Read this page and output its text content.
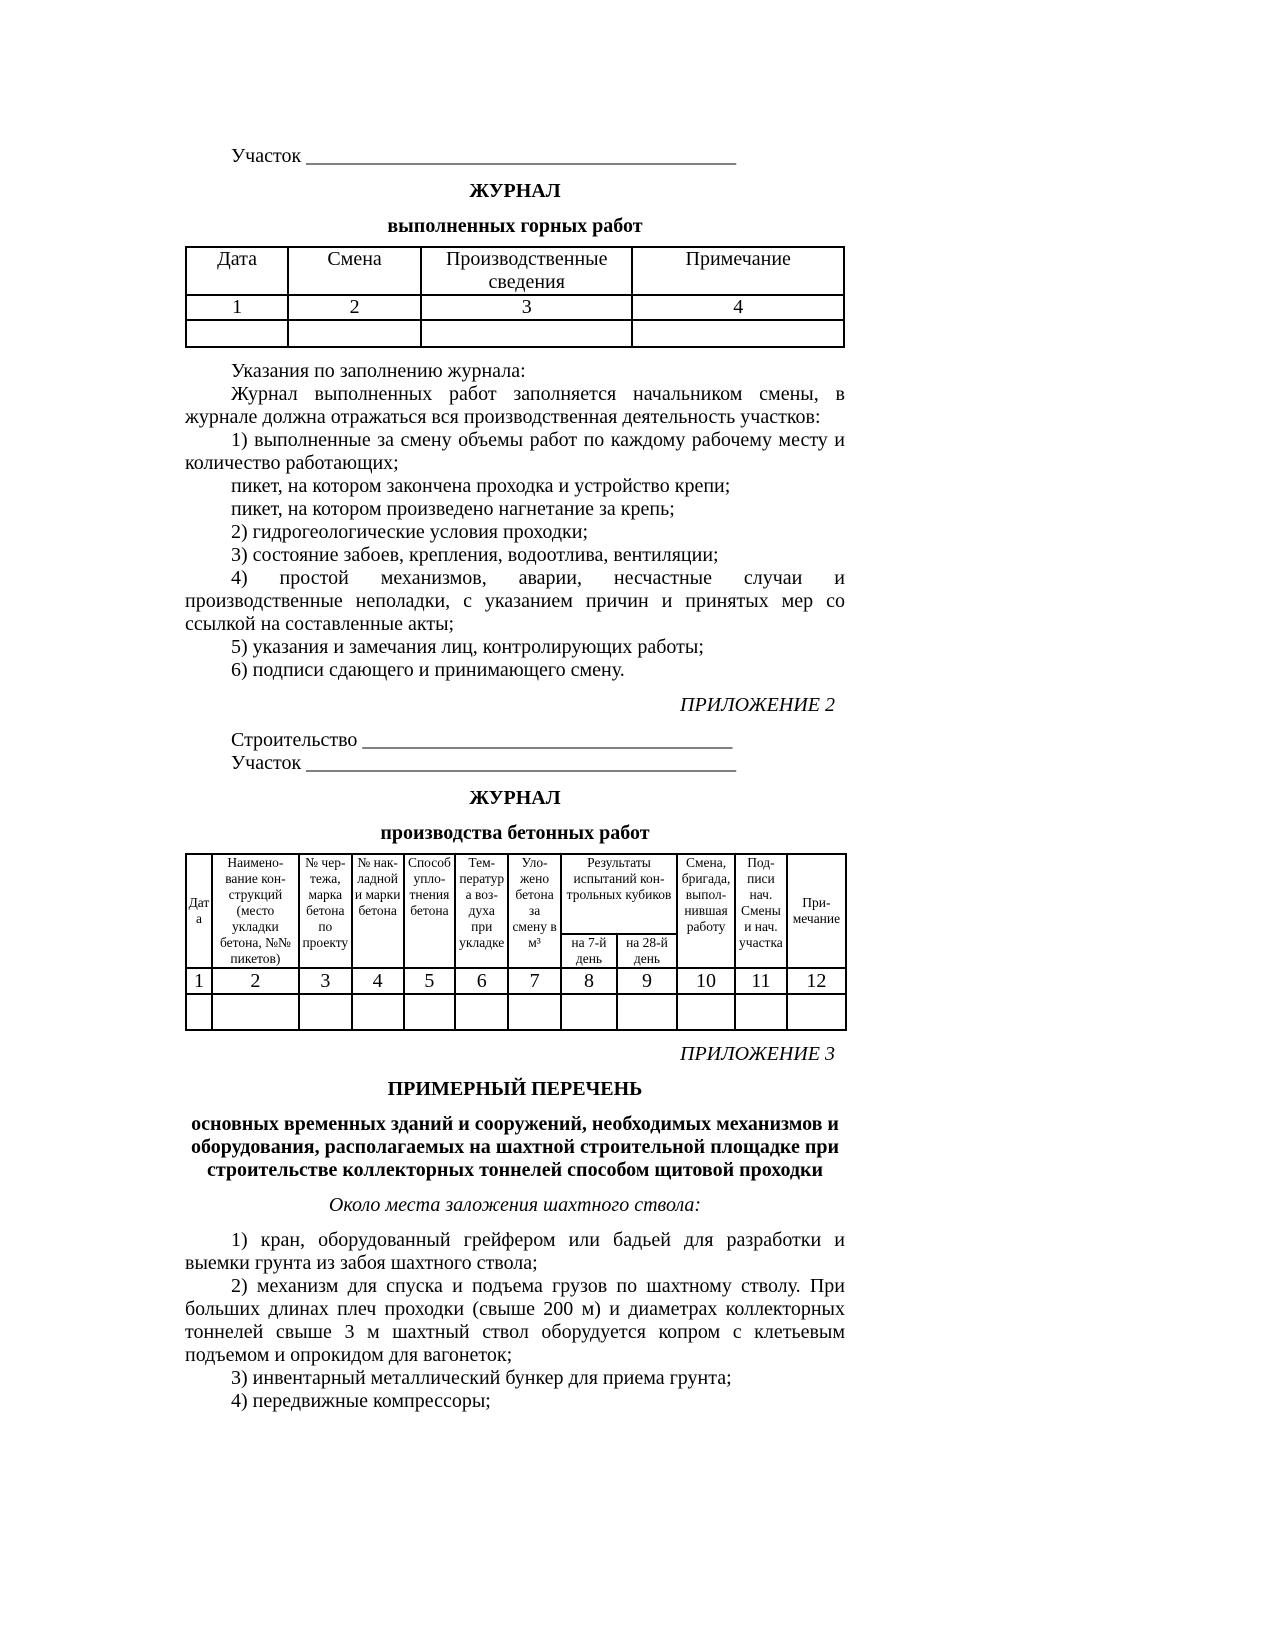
Участок ___________________________________________
ЖУРНАЛ
выполненных горных работ
Дата	Смена	Производственные сведения	Примечание
1	2	3	4

Указания по заполнению журнала:
Журнал выполненных работ заполняется начальником смены, в журнале должна отражаться вся производственная деятельность участков:
1) выполненные за смену объемы работ по каждому рабочему месту и количество работающих;
пикет, на котором закончена проходка и устройство крепи;
пикет, на котором произведено нагнетание за крепь;
2) гидрогеологические условия проходки;
3) состояние забоев, крепления, водоотлива, вентиляции;
4) простой механизмов, аварии, несчастные случаи и производственные неполадки, с указанием причин и принятых мер со ссылкой на составленные акты;
5) указания и замечания лиц, контролирующих работы;
6) подписи сдающего и принимающего смену.
ПРИЛОЖЕНИЕ 2
Строительство _____________________________________
Участок ___________________________________________
ЖУРНАЛ
производства бетонных работ
Дат а	Наимено- вание кон- струкций (место укладки бетона, №№ пикетов)	№ чер- тежа, марка бетона по проекту	№ нак- ладной и марки бетона	Способ упло- тнения бетона	Тем-ператур а воз- духа при укладке	Уло- жено бетона за смену в м³	Результаты испытаний кон- трольных кубиков		Смена, бригада, выпол- нившая работу	Под- писи нач. Смены и нач. участка	При- мечание
							на 7-й день	на 28-й день			
1	2	3	4	5	6	7	8	9	10	11	12

ПРИЛОЖЕНИЕ 3
ПРИМЕРНЫЙ ПЕРЕЧЕНЬ
основных временных зданий и сооружений, необходимых механизмов и оборудования, располагаемых на шахтной строительной площадке при строительстве коллекторных тоннелей способом щитовой проходки
Около места заложения шахтного ствола:
1) кран, оборудованный грейфером или бадьей для разработки и выемки грунта из забоя шахтного ствола;
2) механизм для спуска и подъема грузов по шахтному стволу. При больших длинах плеч проходки (свыше 200 м) и диаметрах коллекторных тоннелей свыше 3 м шахтный ствол оборудуется копром с клетьевым подъемом и опрокидом для вагонеток;
3) инвентарный металлический бункер для приема грунта;
4) передвижные компрессоры;
